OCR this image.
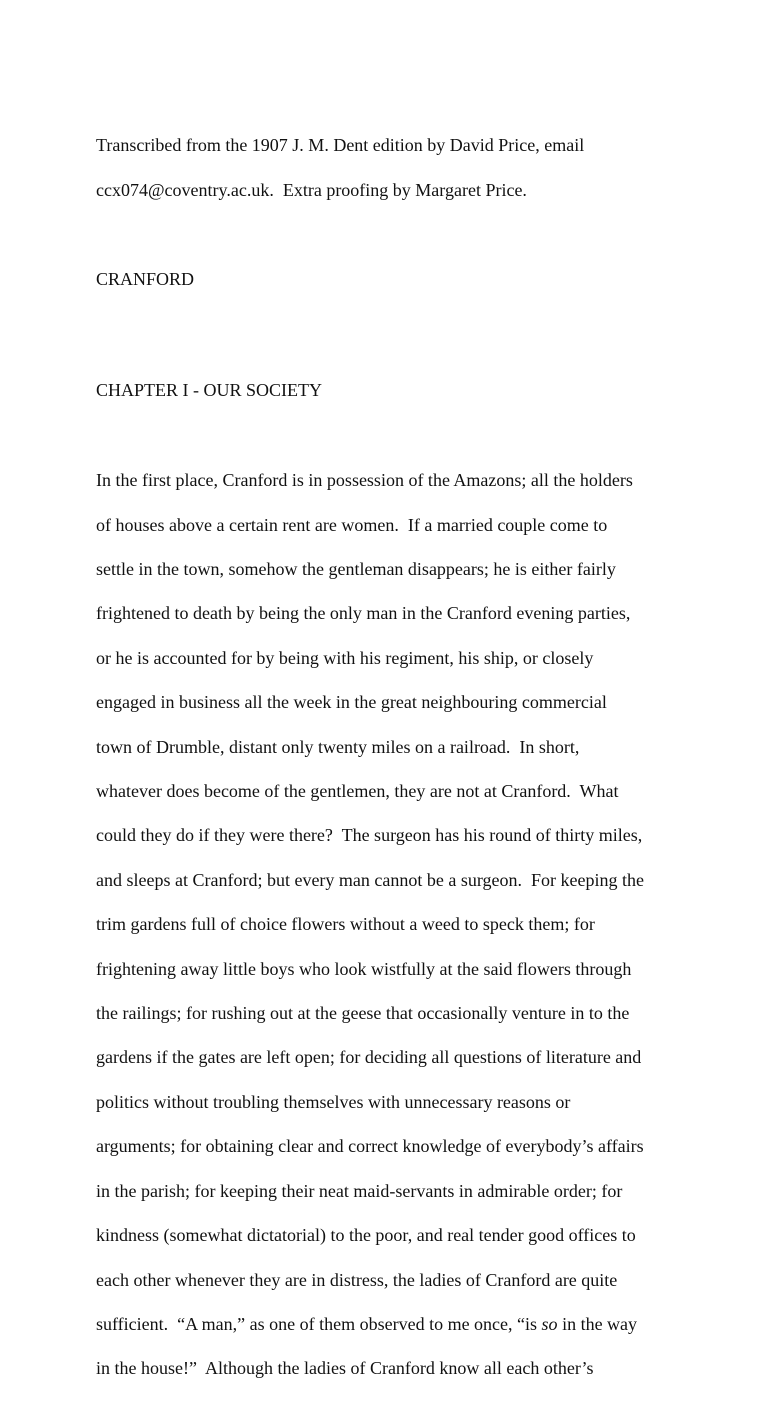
Transcribed from the 1907 J. M. Dent edition by David Price, email

ccx074@coventry.ac.uk.  Extra proofing by Margaret Price.

CRANFORD

CHAPTER I - OUR SOCIETY

In the first place, Cranford is in possession of the Amazons; all the holders

of houses above a certain rent are women.  If a married couple come to

settle in the town, somehow the gentleman disappears; he is either fairly

frightened to death by being the only man in the Cranford evening parties,

or he is accounted for by being with his regiment, his ship, or closely

engaged in business all the week in the great neighbouring commercial

town of Drumble, distant only twenty miles on a railroad.  In short,

whatever does become of the gentlemen, they are not at Cranford.  What

could they do if they were there?  The surgeon has his round of thirty miles,

and sleeps at Cranford; but every man cannot be a surgeon.  For keeping the

trim gardens full of choice flowers without a weed to speck them; for

frightening away little boys who look wistfully at the said flowers through

the railings; for rushing out at the geese that occasionally venture in to the

gardens if the gates are left open; for deciding all questions of literature and

politics without troubling themselves with unnecessary reasons or

arguments; for obtaining clear and correct knowledge of everybody’s affairs

in the parish; for keeping their neat maid-servants in admirable order; for

kindness (somewhat dictatorial) to the poor, and real tender good offices to

each other whenever they are in distress, the ladies of Cranford are quite

sufficient.  “A man,” as one of them observed to me once, “is so in the way

in the house!”  Although the ladies of Cranford know all each other’s
